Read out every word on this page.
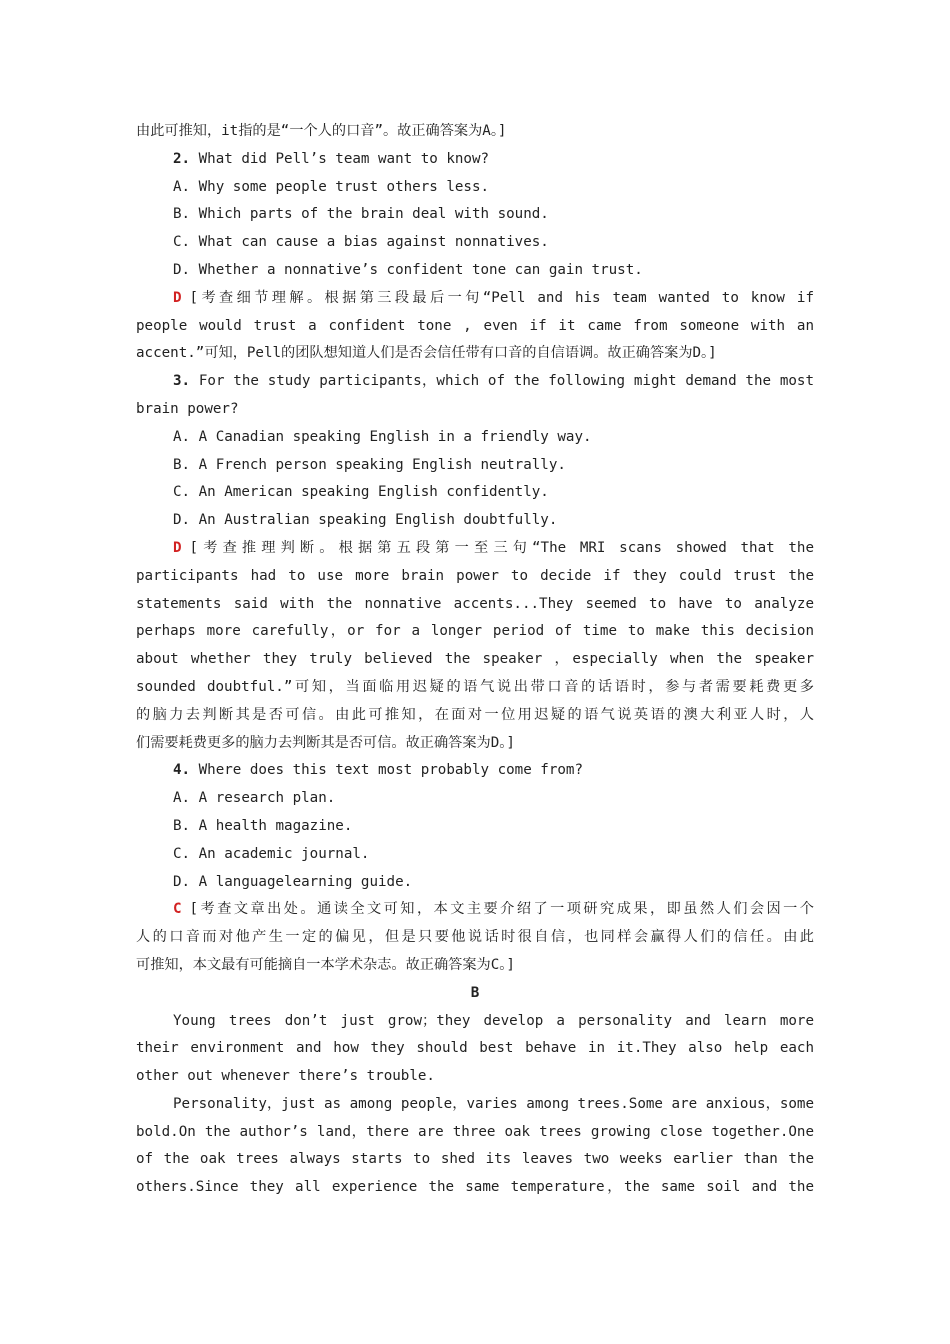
由此可推知，it指的是“一个人的口音”。故正确答案为A。]
2. What did Pell’s team want to know?
A. Why some people trust others less.
B. Which parts of the brain deal with sound.
C. What can cause a bias against nonnatives.
D. Whether a nonnative’s confident tone can gain trust.
D [考查细节理解。根据第三段最后一句“Pell and his team wanted to know if
people would trust a confident tone , even if it came from someone with an
accent.”可知，Pell的团队想知道人们是否会信任带有口音的自信语调。故正确答案为D。]
3. For the study participants，which of the following might demand the most
brain power?
A. A Canadian speaking English in a friendly way.
B. A French person speaking English neutrally.
C. An American speaking English confidently.
D. An Australian speaking English doubtfully.
D [考查推理判断。根据第五段第一至三句“The MRI scans showed that the
participants had to use more brain power to decide if they could trust the
statements said with the nonnative accents...They seemed to have to analyze
perhaps more carefully，or for a longer period of time to make this decision
about whether they truly believed the speaker ，especially when the speaker
sounded doubtful.”可知，当面临用迟疑的语气说出带口音的话语时，参与者需要耗费更多
的脑力去判断其是否可信。由此可推知，在面对一位用迟疑的语气说英语的澳大利亚人时，人
们需要耗费更多的脑力去判断其是否可信。故正确答案为D。]
4. Where does this text most probably come from?
A. A research plan.
B. A health magazine.
C. An academic journal.
D. A languagelearning guide.
C [考查文章出处。通读全文可知，本文主要介绍了一项研究成果，即虽然人们会因一个
人的口音而对他产生一定的偏见，但是只要他说话时很自信，也同样会赢得人们的信任。由此
可推知，本文最有可能摘自一本学术杂志。故正确答案为C。]
B
Young trees don’t just grow；they develop a personality and learn more
their environment and how they should best behave in it.They also help each
other out whenever there’s trouble.
Personality，just as among people，varies among trees.Some are anxious，some
bold.On the author’s land，there are three oak trees growing close together.One
of the oak trees always starts to shed its leaves two weeks earlier than the
others.Since they all experience the same temperature，the same soil and the
